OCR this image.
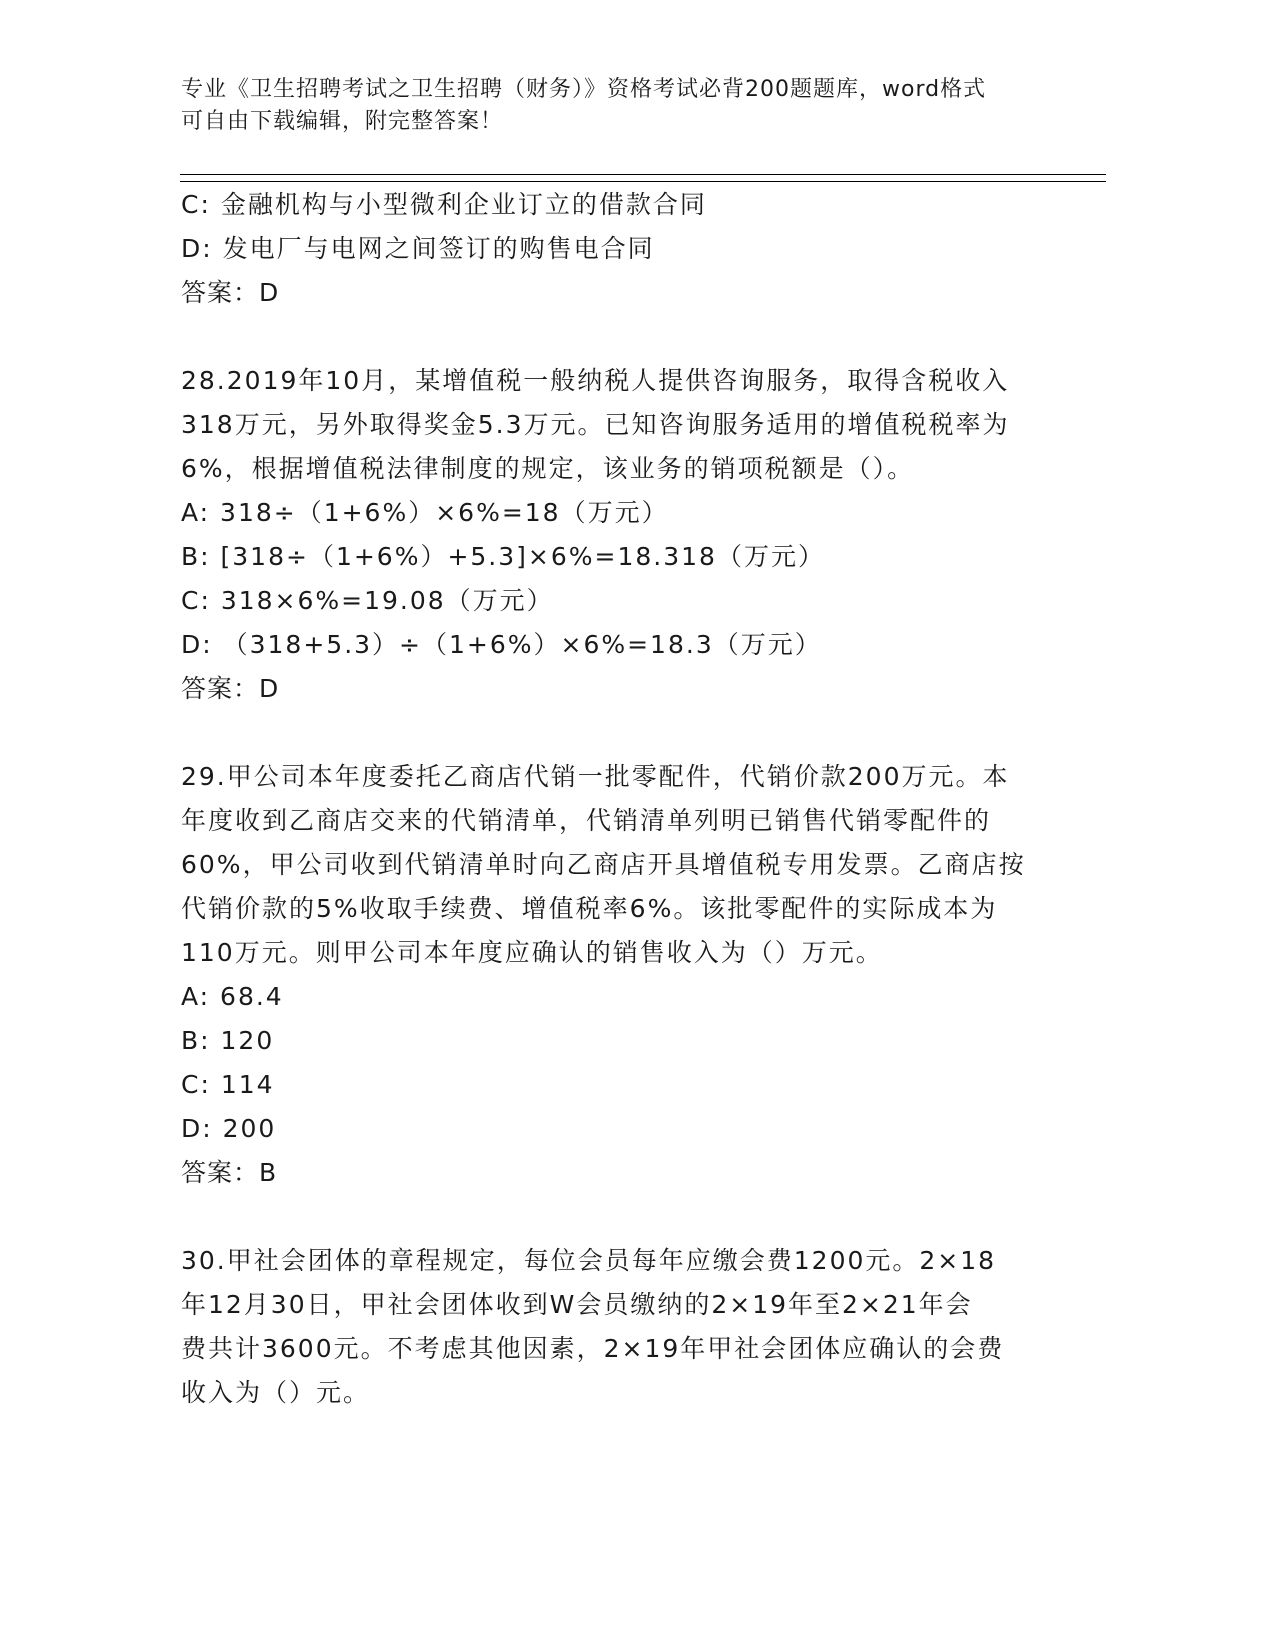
专业《卫生招聘考试之卫生招聘（财务）》资格考试必背200题题库，word格式
可自由下载编辑，附完整答案！
C: 金融机构与小型微利企业订立的借款合同
D: 发电厂与电网之间签订的购售电合同
答案：D
28.2019年10月，某增值税一般纳税人提供咨询服务，取得含税收入
318万元，另外取得奖金5.3万元。已知咨询服务适用的增值税税率为
6%，根据增值税法律制度的规定，该业务的销项税额是（）。
A: 318÷（1+6%）×6%=18（万元）
B: [318÷（1+6%）+5.3]×6%=18.318（万元）
C: 318×6%=19.08（万元）
D: （318+5.3）÷（1+6%）×6%=18.3（万元）
答案：D
29.甲公司本年度委托乙商店代销一批零配件，代销价款200万元。本
年度收到乙商店交来的代销清单，代销清单列明已销售代销零配件的
60%，甲公司收到代销清单时向乙商店开具增值税专用发票。乙商店按
代销价款的5%收取手续费、增值税率6%。该批零配件的实际成本为
110万元。则甲公司本年度应确认的销售收入为（）万元。
A: 68.4
B: 120
C: 114
D: 200
答案：B
30.甲社会团体的章程规定，每位会员每年应缴会费1200元。2×18
年12月30日，甲社会团体收到W会员缴纳的2×19年至2×21年会
费共计3600元。不考虑其他因素，2×19年甲社会团体应确认的会费
收入为（）元。
